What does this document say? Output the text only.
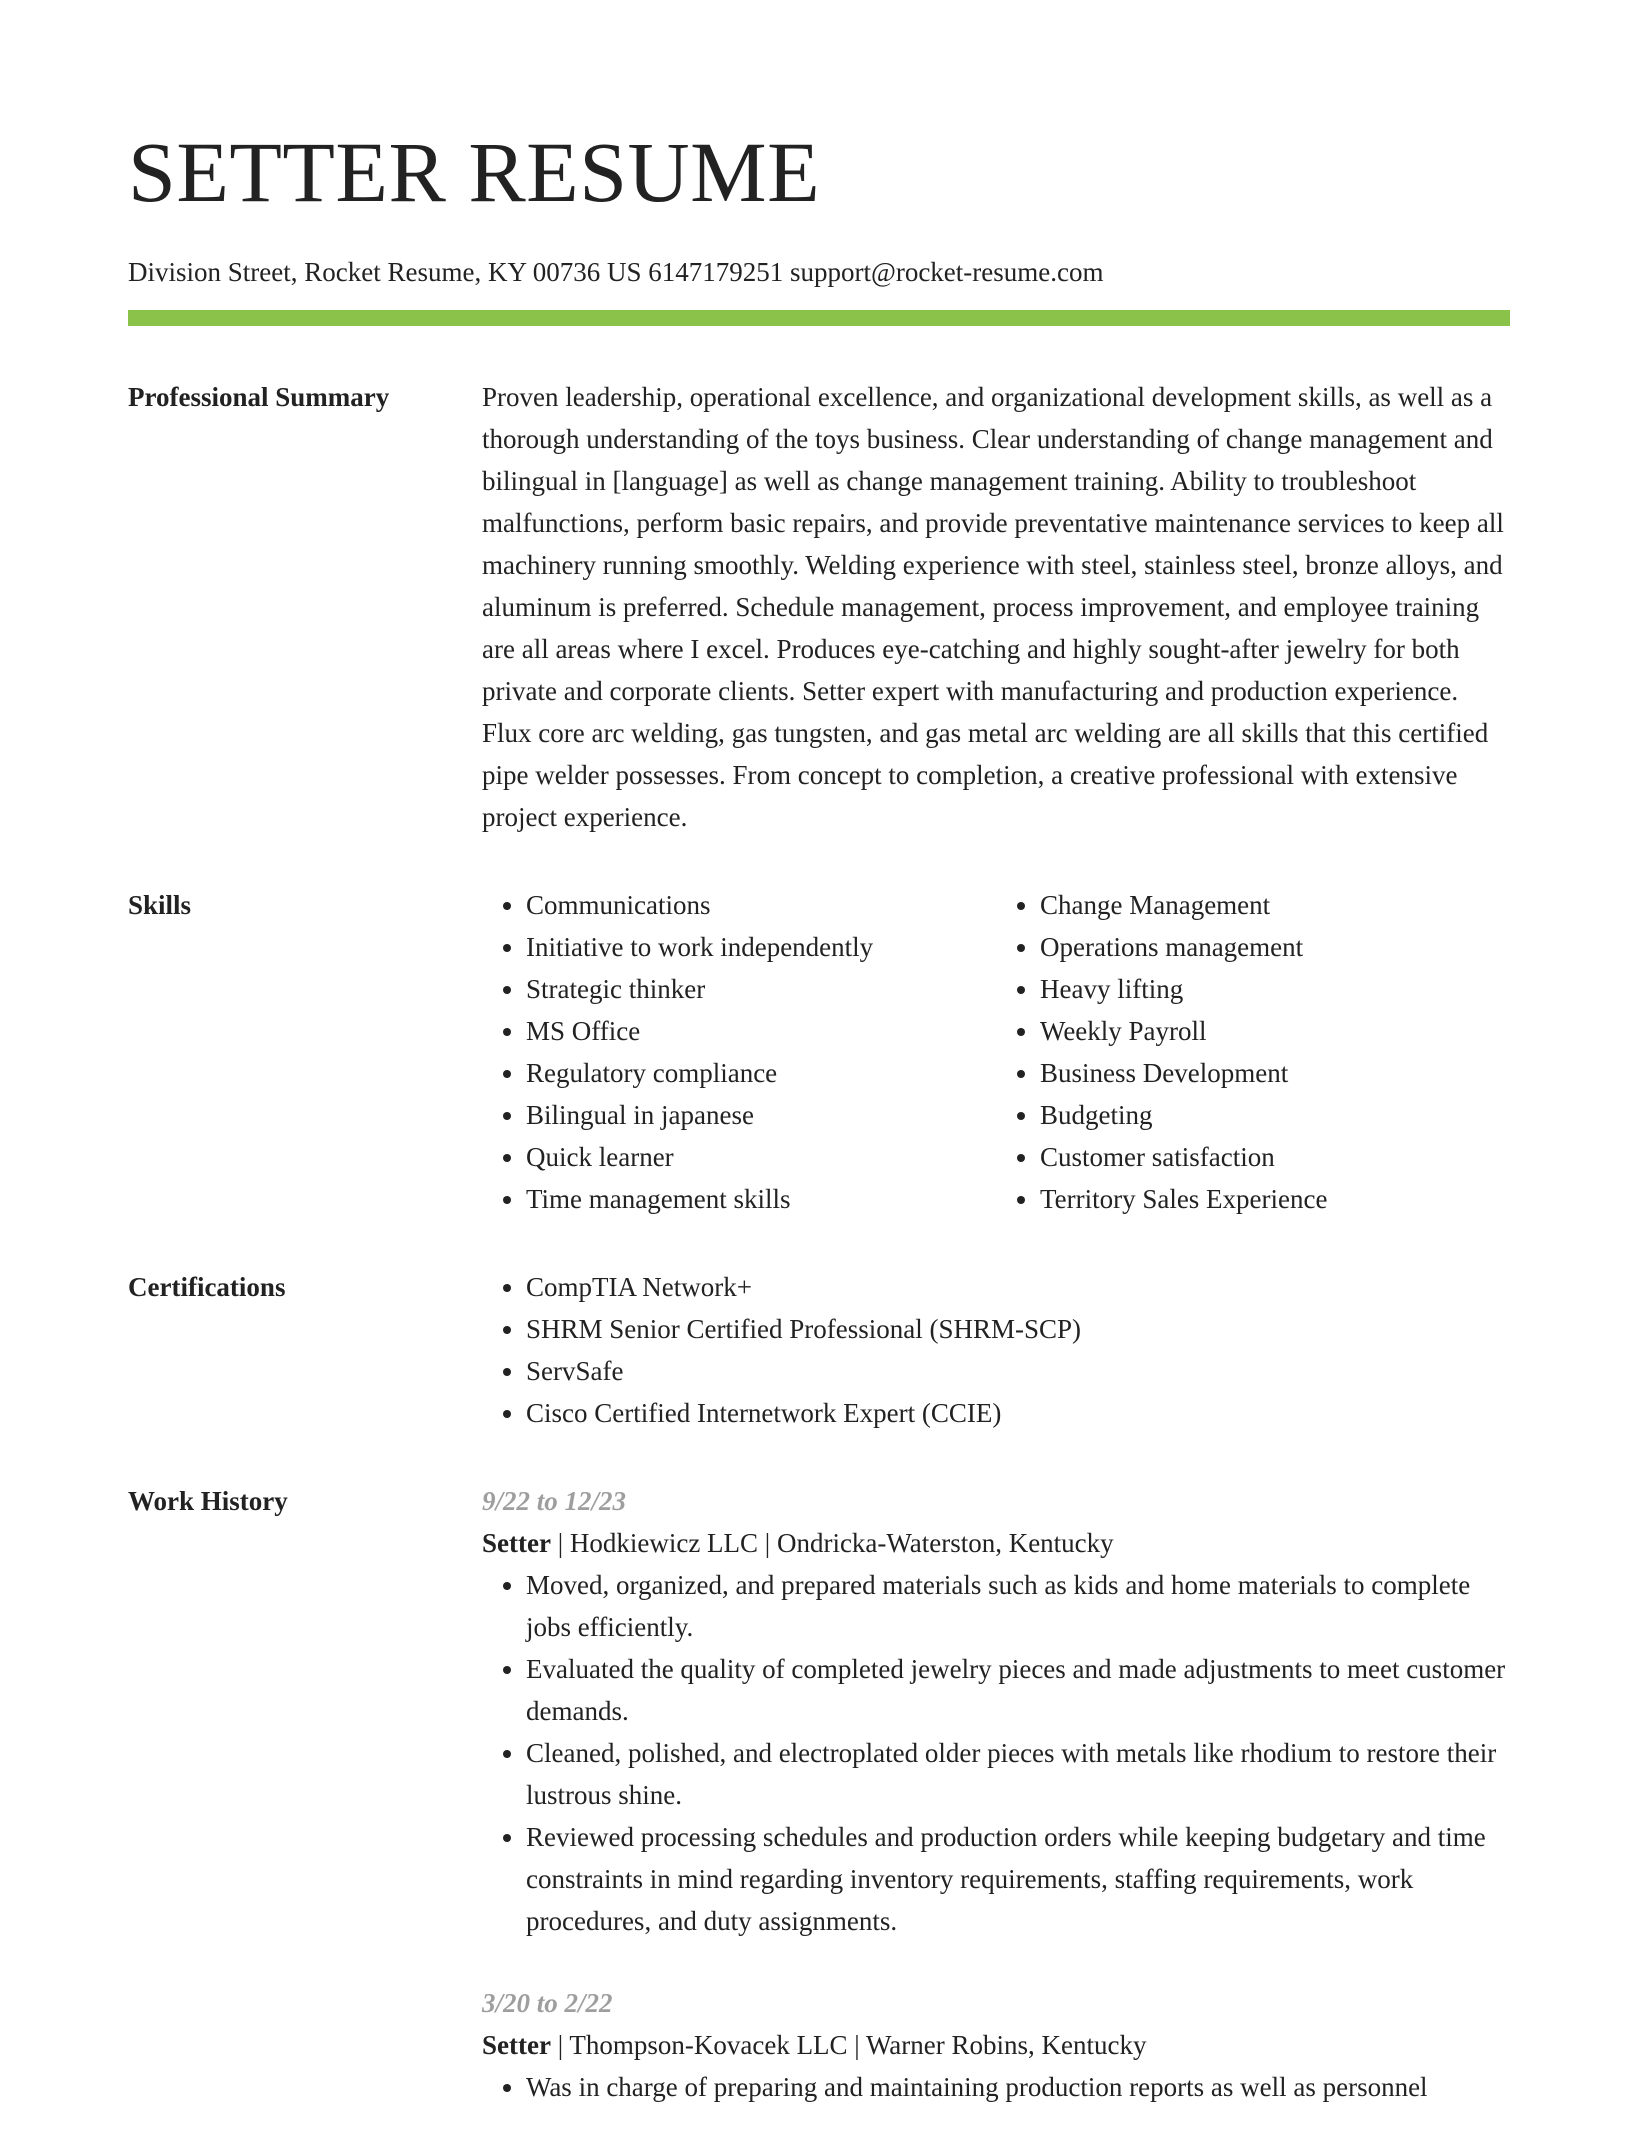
SETTER RESUME
Division Street, Rocket Resume, KY 00736 US 6147179251 support@rocket-resume.com
Professional Summary	Proven leadership, operational excellence, and organizational development skills, as well as a thorough understanding of the toys business. Clear understanding of change management and bilingual in [language] as well as change management training. Ability to troubleshoot malfunctions, perform basic repairs, and provide preventative maintenance services to keep all machinery running smoothly. Welding experience with steel, stainless steel, bronze alloys, and aluminum is preferred. Schedule management, process improvement, and employee training are all areas where I excel. Produces eye-catching and highly sought-after jewelry for both private and corporate clients. Setter expert with manufacturing and production experience. Flux core arc welding, gas tungsten, and gas metal arc welding are all skills that this certified pipe welder possesses. From concept to completion, a creative professional with extensive project experience.

Skills	• Communications
• Initiative to work independently
• Strategic thinker
• MS Office
• Regulatory compliance
• Bilingual in japanese
• Quick learner
• Time management skills
• Change Management
• Operations management
• Heavy lifting
• Weekly Payroll
• Business Development
• Budgeting
• Customer satisfaction
• Territory Sales Experience
Certifications	• CompTIA Network+
• SHRM Senior Certified Professional (SHRM-SCP)
• ServSafe
• Cisco Certified Internetwork Expert (CCIE)
Work History	9/22 to 12/23
Setter | Hodkiewicz LLC | Ondricka-Waterston, Kentucky
• Moved, organized, and prepared materials such as kids and home materials to complete jobs efficiently.
• Evaluated the quality of completed jewelry pieces and made adjustments to meet customer demands.
• Cleaned, polished, and electroplated older pieces with metals like rhodium to restore their lustrous shine.
• Reviewed processing schedules and production orders while keeping budgetary and time constraints in mind regarding inventory requirements, staffing requirements, work procedures, and duty assignments.
3/20 to 2/22
Setter | Thompson-Kovacek LLC | Warner Robins, Kentucky
• Was in charge of preparing and maintaining production reports as well as personnel
